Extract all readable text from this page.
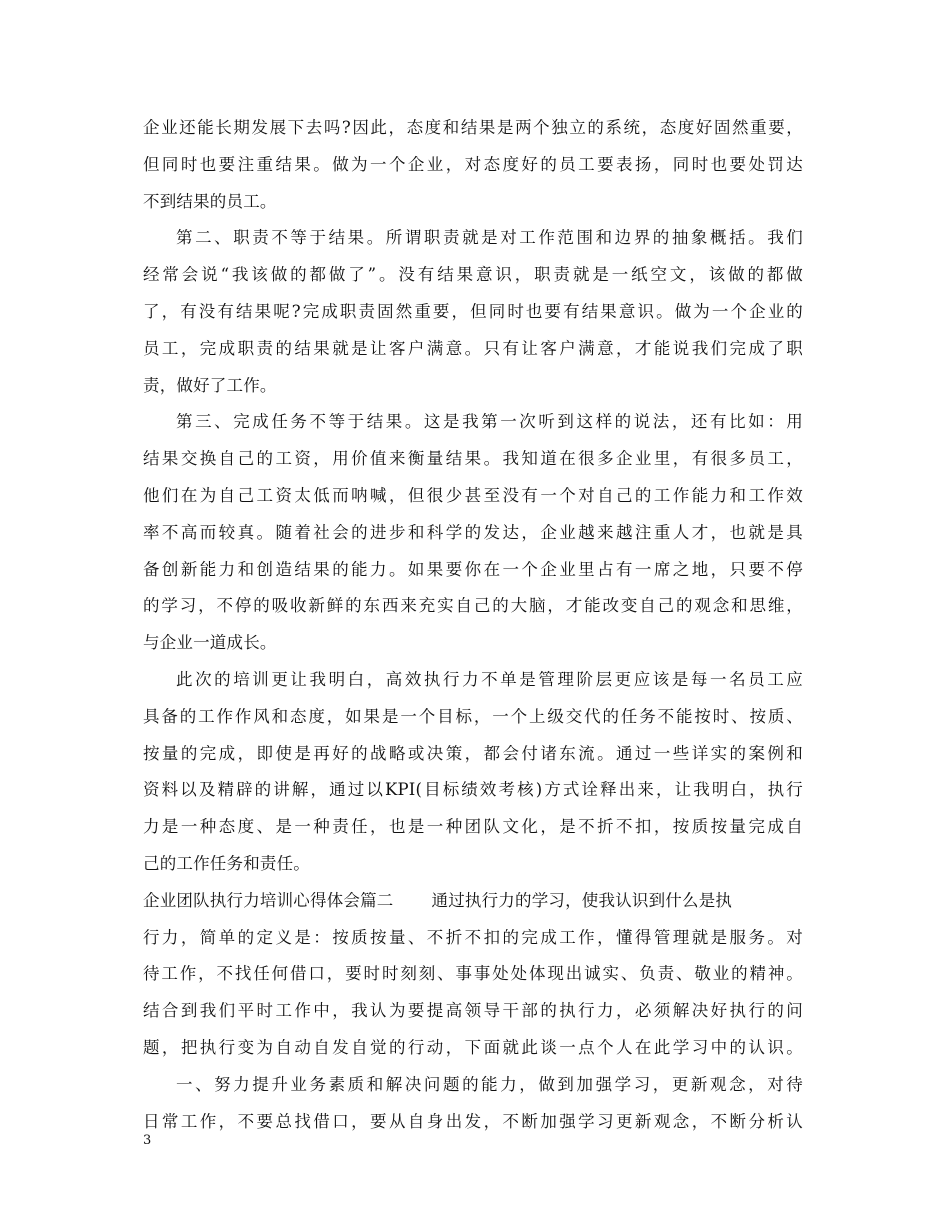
企业还能长期发展下去吗?因此，态度和结果是两个独立的系统，态度好固然重要，
但同时也要注重结果。做为一个企业，对态度好的员工要表扬，同时也要处罚达
不到结果的员工。
第二、职责不等于结果。所谓职责就是对工作范围和边界的抽象概括。我们
经常会说“我该做的都做了”。没有结果意识，职责就是一纸空文，该做的都做
了，有没有结果呢?完成职责固然重要，但同时也要有结果意识。做为一个企业的
员工，完成职责的结果就是让客户满意。只有让客户满意，才能说我们完成了职
责，做好了工作。
第三、完成任务不等于结果。这是我第一次听到这样的说法，还有比如：用
结果交换自己的工资，用价值来衡量结果。我知道在很多企业里，有很多员工，
他们在为自己工资太低而呐喊，但很少甚至没有一个对自己的工作能力和工作效
率不高而较真。随着社会的进步和科学的发达，企业越来越注重人才，也就是具
备创新能力和创造结果的能力。如果要你在一个企业里占有一席之地，只要不停
的学习，不停的吸收新鲜的东西来充实自己的大脑，才能改变自己的观念和思维，
与企业一道成长。
此次的培训更让我明白，高效执行力不单是管理阶层更应该是每一名员工应
具备的工作作风和态度，如果是一个目标，一个上级交代的任务不能按时、按质、
按量的完成，即使是再好的战略或决策，都会付诸东流。通过一些详实的案例和
资料以及精辟的讲解，通过以KPI(目标绩效考核)方式诠释出来，让我明白，执行
力是一种态度、是一种责任，也是一种团队文化，是不折不扣，按质按量完成自
己的工作任务和责任。
企业团队执行力培训心得体会篇二 通过执行力的学习，使我认识到什么是执
行力，简单的定义是：按质按量、不折不扣的完成工作，懂得管理就是服务。对
待工作，不找任何借口，要时时刻刻、事事处处体现出诚实、负责、敬业的精神。
结合到我们平时工作中，我认为要提高领导干部的执行力，必须解决好执行的问
题，把执行变为自动自发自觉的行动，下面就此谈一点个人在此学习中的认识。
一、努力提升业务素质和解决问题的能力，做到加强学习，更新观念，对待
日常工作，不要总找借口，要从自身出发，不断加强学习更新观念，不断分析认
3
